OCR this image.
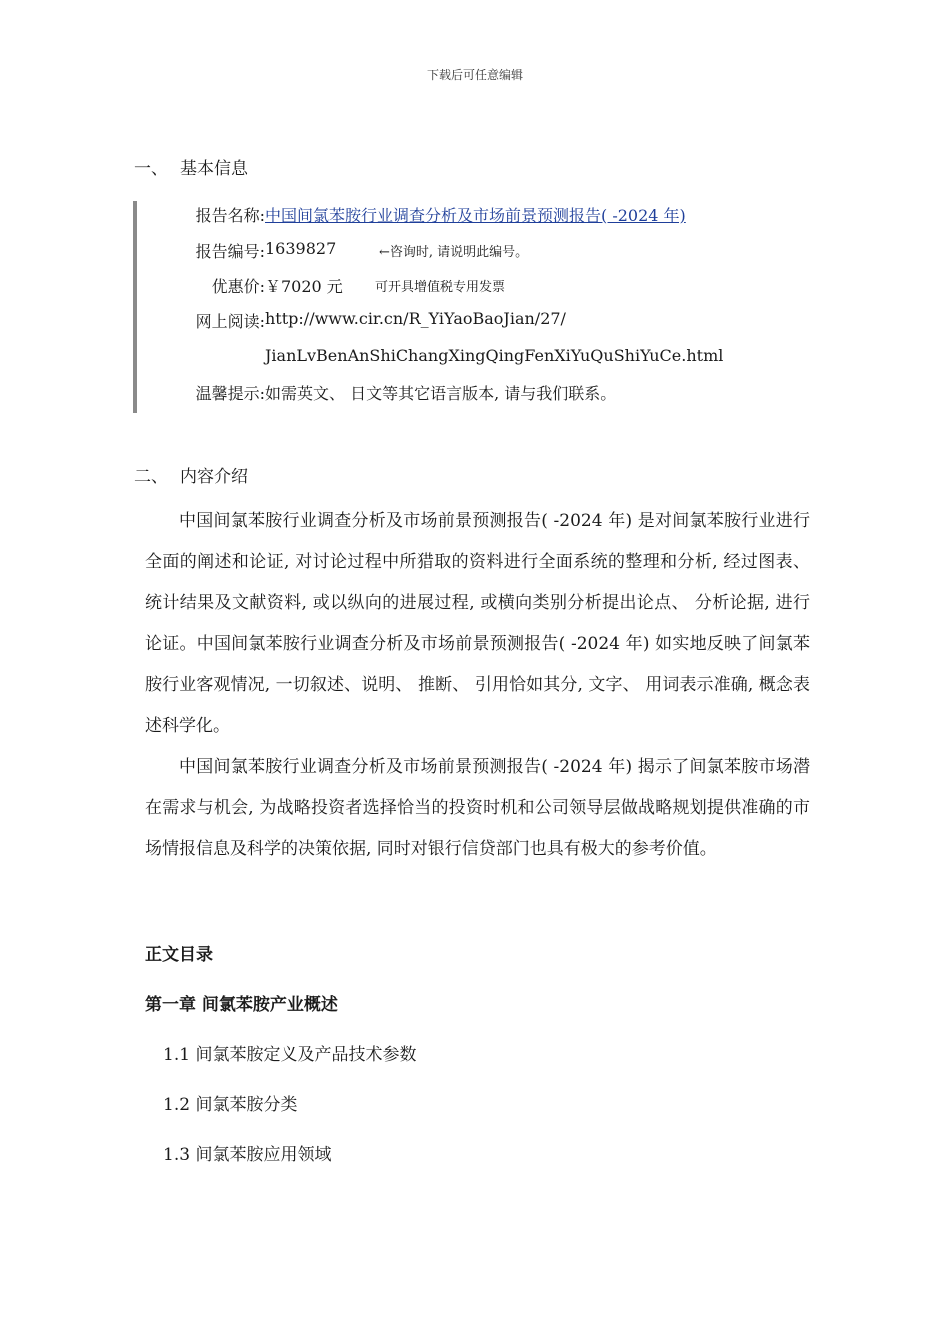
下载后可任意编辑
一、 基本信息
报告名称: 中国间氯苯胺行业调查分析及市场前景预测报告( -2024 年)
报告编号: 1639827	←咨询时, 请说明此编号。
优惠价: ￥7020 元 可开具增值税专用发票
网上阅读: http://www.cir.cn/R_YiYaoBaoJian/27/
JianLvBenAnShiChangXingQingFenXiYuQuShiYuCe.html
温馨提示: 如需英文、 日文等其它语言版本, 请与我们联系。
二、 内容介绍

中国间氯苯胺行业调查分析及市场前景预测报告( -2024 年) 是对间氯苯胺行业进行全面的阐述和论证, 对讨论过程中所猎取的资料进行全面系统的整理和分析, 经过图表、 统计结果及文献资料, 或以纵向的进展过程, 或横向类别分析提出论点、 分析论据, 进行论证。中国间氯苯胺行业调查分析及市场前景预测报告( -2024 年) 如实地反映了间氯苯胺行业客观情况, 一切叙述、说明、 推断、 引用恰如其分, 文字、 用词表示准确, 概念表述科学化。

中国间氯苯胺行业调查分析及市场前景预测报告( -2024 年) 揭示了间氯苯胺市场潜在需求与机会, 为战略投资者选择恰当的投资时机和公司领导层做战略规划提供准确的市场情报信息及科学的决策依据, 同时对银行信贷部门也具有极大的参考价值。

正文目录
第一章 间氯苯胺产业概述
1.1 间氯苯胺定义及产品技术参数
1.2 间氯苯胺分类
1.3 间氯苯胺应用领域
